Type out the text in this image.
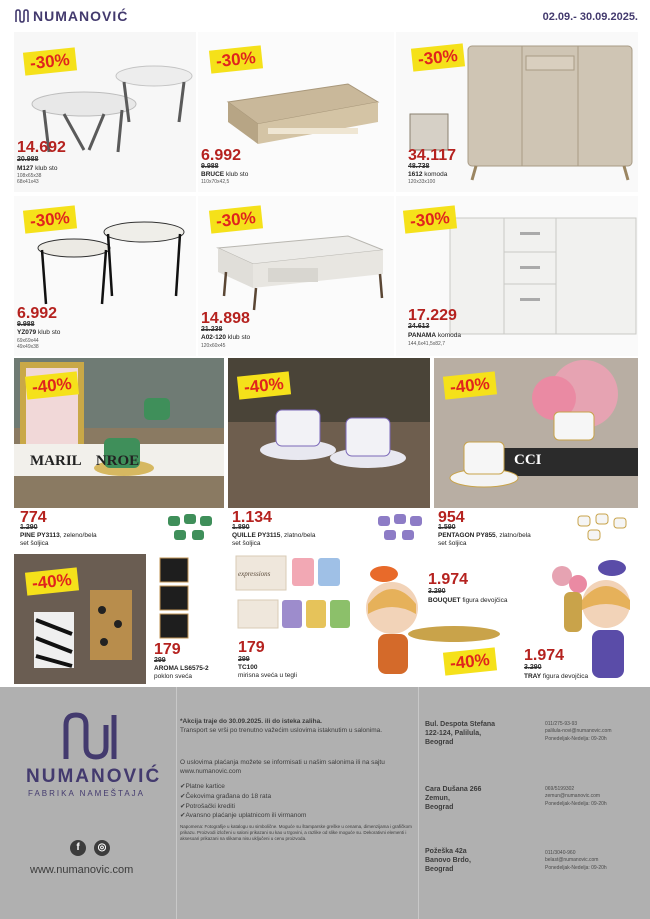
NUMANOVIĆ	02.09.- 30.09.2025.
-30%
14.692
20.988
M127 klub sto
108x65x38
68x41x43
-30%
6.992
9.988
BRUCE klub sto
110x70x42,5
-30%
34.117
48.738
1612 komoda
120x33x100
-30%
6.992
9.988
YZ079 klub sto
69x69x44
49x49x38
-30%
14.898
21.238
A02-120 klub sto
120x60x45
-30%
17.229
24.613
PANAMA komoda
144,6x41,5x82,7
MARIL    NROE
-40%
774
1.290
PINE PY3113, zeleno/bela
set šoljica
-40%
1.134
1.890
QUILLE PY3115, zlatno/bela
set šoljica
CCI
-40%
954
1.590
PENTAGON PY855, zlatno/bela
set šoljica
-40%
179
299
AROMA LS6575-2
poklon sveća
expressions
179
299
TC100
mirisna sveća u tegli
1.974
3.290
BOUQUET figura devojčica
-40%	1.974
3.290
TRAY figura devojčica
NUMANOVIĆ
FABRIKA NAMEŠTAJA
f	◎
www.numanovic.com
*Akcija traje do 30.09.2025. ili do isteka zaliha.
Transport se vrši po trenutno važećim uslovima istaknutim u salonima.
O uslovima plaćanja možete se informisati u našim salonima ili na sajtu www.numanovic.com
✔Platne kartice
✔Čekovima građana do 18 rata
✔Potrošački krediti
✔Avansno plaćanje uplatnicom ili virmanom
Napomena: Fotografije u katalogu su simbolične. Moguće su štamparske greške u cenama, dimenzijama i grafičkom prikazu. Proizvodi izloženi u saloni prikazani su kao u trgovini, a razlike od slike moguće su. Dekorativni elementi i aksesoari prikazani na slikama nisu uključeni u cenu proizvoda.
Bul. Despota Stefana
122-124, Palilula,
Beograd
011/275-93-93
palilula-novi@numanovic.com
Ponedeljak-Nedelja: 09-20h
Cara Dušana 266
Zemun,
Beograd
069/5199302
zemun@numanovic.com
Ponedeljak-Nedelja: 09-20h
Požeška 42a
Banovo Brdo,
Beograd
011/3040-960
belast@numanovic.com
Ponedeljak-Nedelja: 09-20h
